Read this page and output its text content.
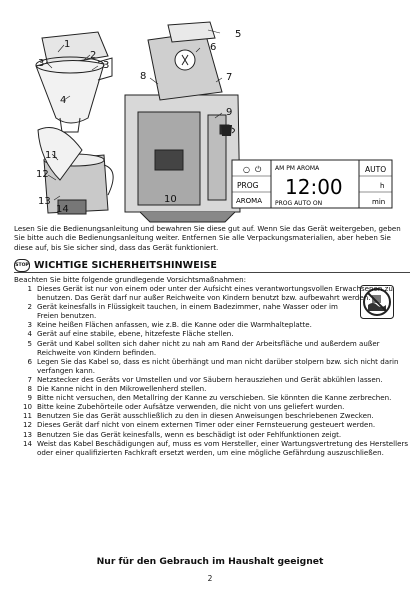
1
2
3	3
4
5
6
8	7
9
10
11
12
13
14
○ ⏻ AM PM AROMA
12:00
AUTO
PROG	h
AROMA PROG AUTO ON	min
Lesen Sie die Bedienungsanleitung und bewahren Sie diese gut auf. Wenn Sie das Gerät weitergeben, geben Sie bitte auch die Bedienungsanleitung weiter. Entfernen Sie alle Verpackungsmaterialien, aber heben Sie diese auf, bis Sie sicher sind, dass das Gerät funktioniert.
STOP WICHTIGE SICHERHEITSHINWEISE
Beachten Sie bitte folgende grundlegende Vorsichtsmaßnahmen:
1 Dieses Gerät ist nur von einem oder unter der Aufsicht eines verantwortungsvollen Erwachsenen zu benutzen. Das Gerät darf nur außer Reichweite von Kindern benutzt bzw. aufbewahrt werden.
2 Gerät keinesfalls in Flüssigkeit tauchen, in einem Badezimmer, nahe Wasser oder im Freien benutzen.
3 Keine heißen Flächen anfassen, wie z.B. die Kanne oder die Warmhalteplatte.
4 Gerät auf eine stabile, ebene, hitzefeste Fläche stellen.
5 Gerät und Kabel sollten sich daher nicht zu nah am Rand der Arbeitsfläche und außerdem außer Reichweite von Kindern befinden.
6 Legen Sie das Kabel so, dass es nicht überhängt und man nicht darüber stolpern bzw. sich nicht darin verfangen kann.
7 Netzstecker des Geräts vor Umstellen und vor Säubern herausziehen und Gerät abkühlen lassen.
8 Die Kanne nicht in den Mikrowellenherd stellen.
9 Bitte nicht versuchen, den Metallring der Kanne zu verschieben. Sie könnten die Kanne zerbrechen.
10 Bitte keine Zubehörteile oder Aufsätze verwenden, die nicht von uns geliefert wurden.
11 Benutzen Sie das Gerät ausschließlich zu den in diesen Anweisungen beschriebenen Zwecken.
12 Dieses Gerät darf nicht von einem externen Timer oder einer Fernsteuerung gesteuert werden.
13 Benutzen Sie das Gerät keinesfalls, wenn es beschädigt ist oder Fehlfunktionen zeigt.
14 Weist das Kabel Beschädigungen auf, muss es vom Hersteller, einer Wartungsvertretung des Herstellers oder einer qualifizierten Fachkraft ersetzt werden, um eine mögliche Gefährdung auszuschließen.
Nur für den Gebrauch im Haushalt geeignet
2
